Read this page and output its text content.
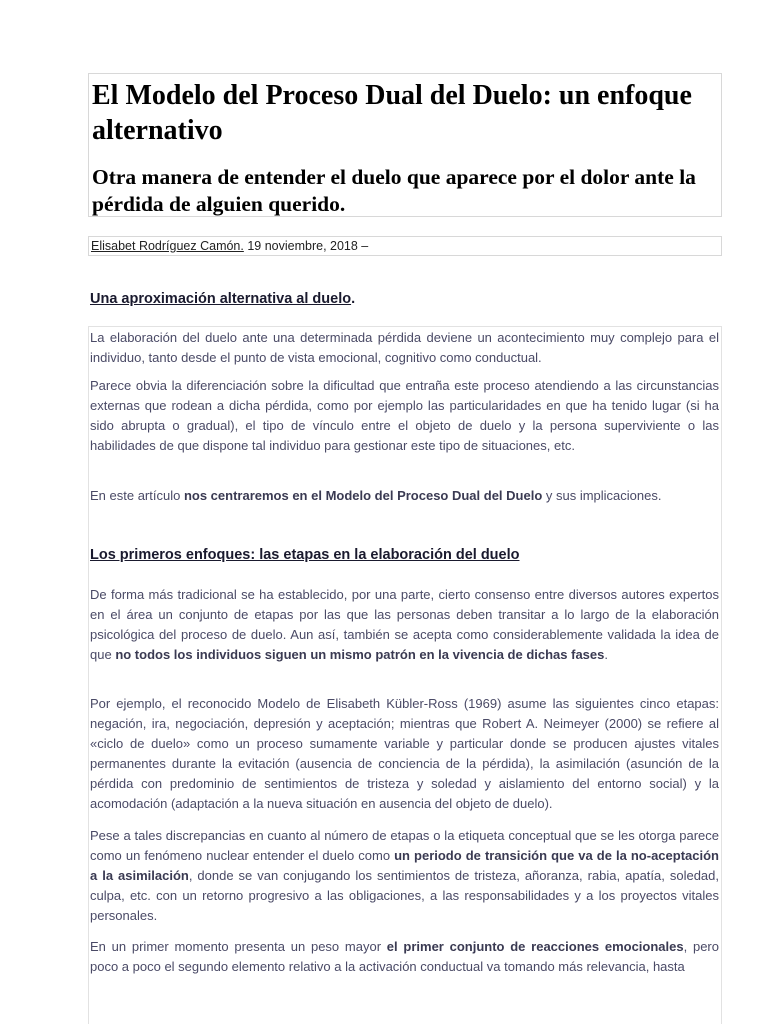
El Modelo del Proceso Dual del Duelo: un enfoque alternativo
Otra manera de entender el duelo que aparece por el dolor ante la pérdida de alguien querido.
Elisabet Rodríguez Camón. 19 noviembre, 2018 –
Una aproximación alternativa al duelo.

La elaboración del duelo ante una determinada pérdida deviene un acontecimiento muy complejo para el individuo, tanto desde el punto de vista emocional, cognitivo como conductual.

Parece obvia la diferenciación sobre la dificultad que entraña este proceso atendiendo a las circunstancias externas que rodean a dicha pérdida, como por ejemplo las particularidades en que ha tenido lugar (si ha sido abrupta o gradual), el tipo de vínculo entre el objeto de duelo y la persona superviviente o las habilidades de que dispone tal individuo para gestionar este tipo de situaciones, etc.

En este artículo nos centraremos en el Modelo del Proceso Dual del Duelo y sus implicaciones.

Los primeros enfoques: las etapas en la elaboración del duelo

De forma más tradicional se ha establecido, por una parte, cierto consenso entre diversos autores expertos en el área un conjunto de etapas por las que las personas deben transitar a lo largo de la elaboración psicológica del proceso de duelo. Aun así, también se acepta como considerablemente validada la idea de que no todos los individuos siguen un mismo patrón en la vivencia de dichas fases.

Por ejemplo, el reconocido Modelo de Elisabeth Kübler-Ross (1969) asume las siguientes cinco etapas: negación, ira, negociación, depresión y aceptación; mientras que Robert A. Neimeyer (2000) se refiere al «ciclo de duelo» como un proceso sumamente variable y particular donde se producen ajustes vitales permanentes durante la evitación (ausencia de conciencia de la pérdida), la asimilación (asunción de la pérdida con predominio de sentimientos de tristeza y soledad y aislamiento del entorno social) y la acomodación (adaptación a la nueva situación en ausencia del objeto de duelo).

Pese a tales discrepancias en cuanto al número de etapas o la etiqueta conceptual que se les otorga parece como un fenómeno nuclear entender el duelo como un periodo de transición que va de la no-aceptación a la asimilación, donde se van conjugando los sentimientos de tristeza, añoranza, rabia, apatía, soledad, culpa, etc. con un retorno progresivo a las obligaciones, a las responsabilidades y a los proyectos vitales personales.

En un primer momento presenta un peso mayor el primer conjunto de reacciones emocionales, pero poco a poco el segundo elemento relativo a la activación conductual va tomando más relevancia, hasta
